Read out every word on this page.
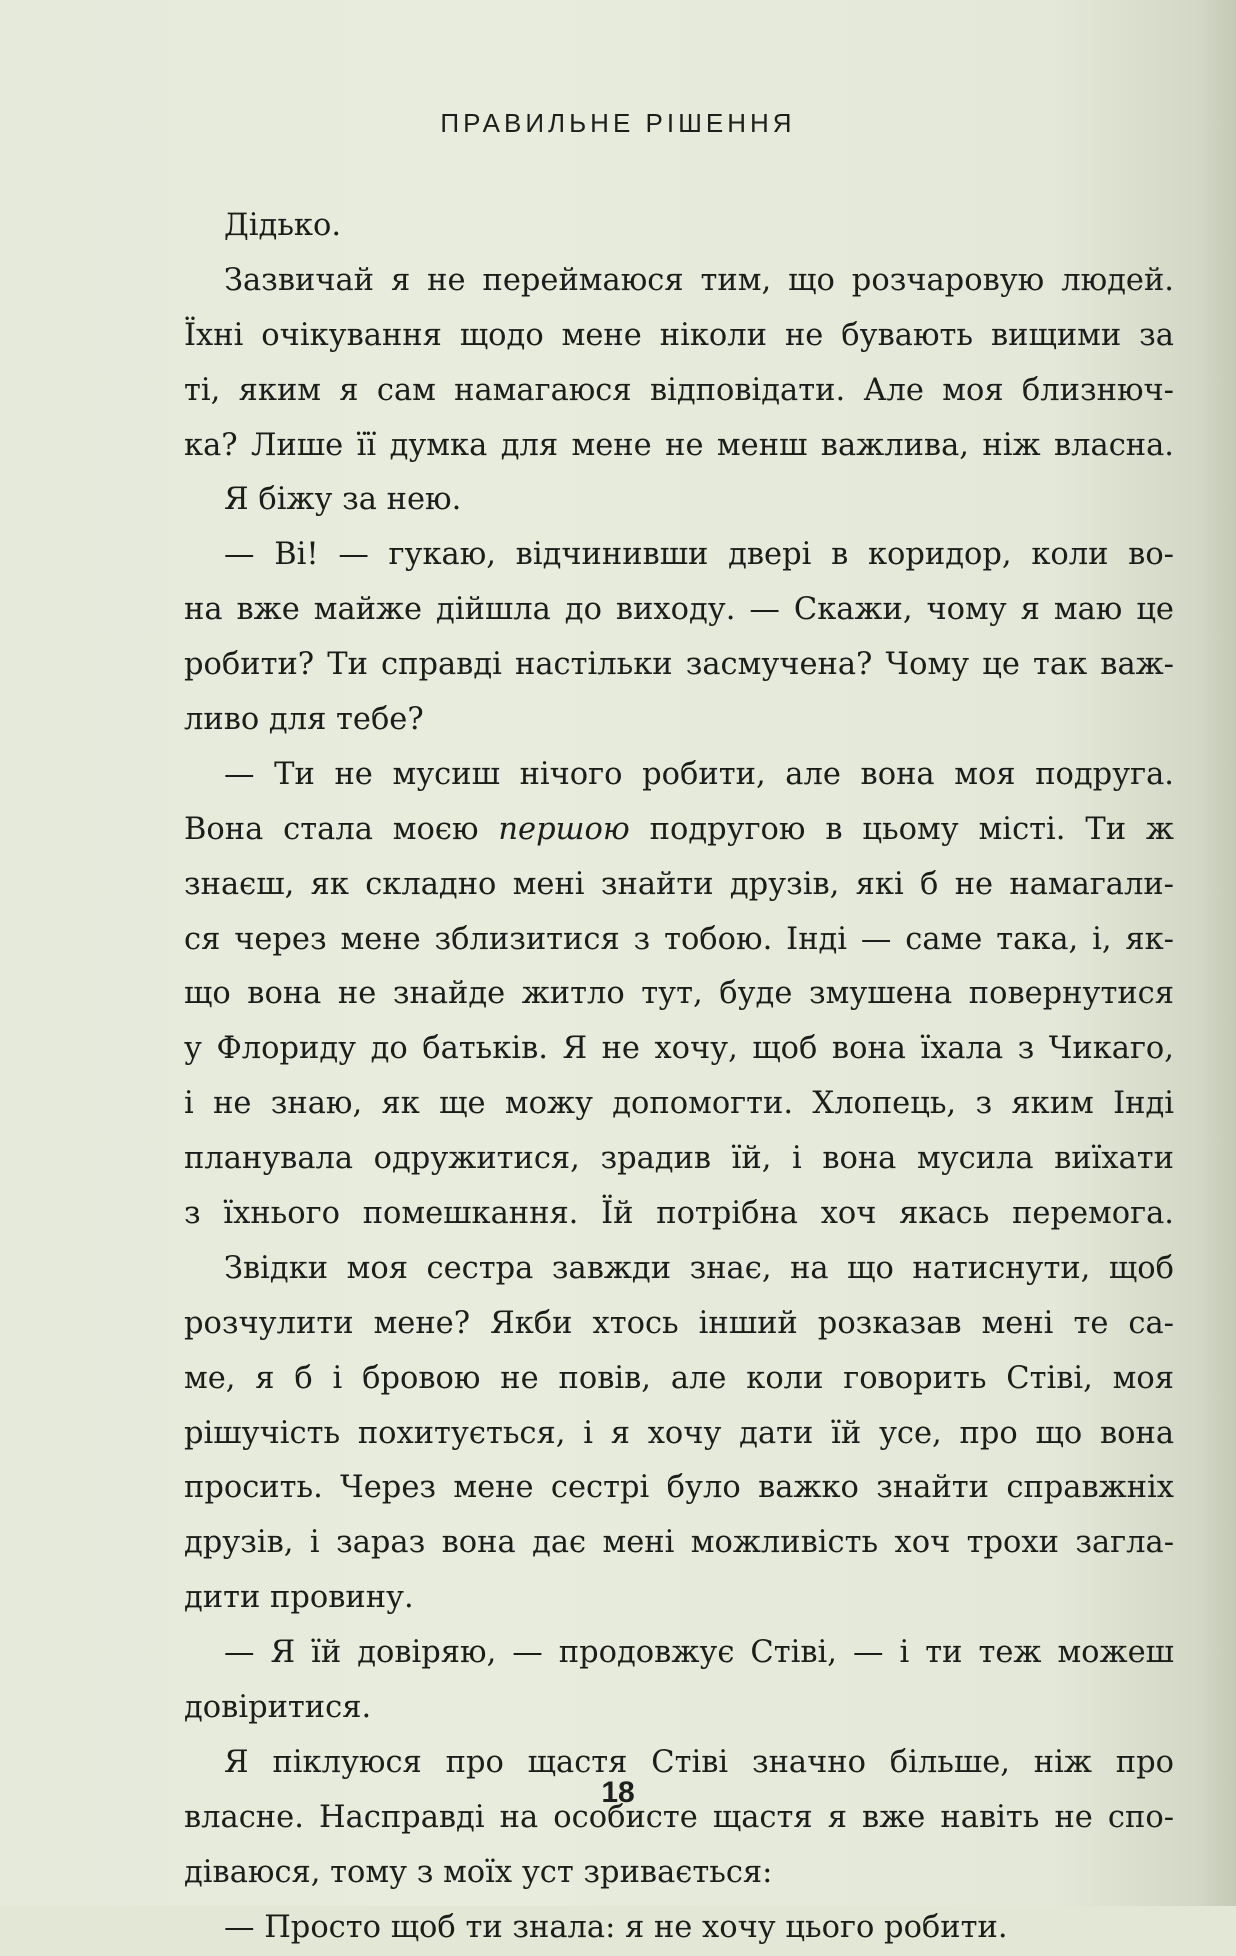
ПРАВИЛЬНЕ РІШЕННЯ
Дідько.
Зазвичай я не переймаюся тим, що розчаровую людей.
Їхні очікування щодо мене ніколи не бувають вищими за
ті, яким я сам намагаюся відповідати. Але моя близнюч-
ка? Лише її думка для мене не менш важлива, ніж власна.
Я біжу за нею.
— Ві! — гукаю, відчинивши двері в коридор, коли во-
на вже майже дійшла до виходу. — Скажи, чому я маю це
робити? Ти справді настільки засмучена? Чому це так важ-
ливо для тебе?
— Ти не мусиш нічого робити, але вона моя подруга.
Вона стала моєю першою подругою в цьому місті. Ти ж
знаєш, як складно мені знайти друзів, які б не намагали-
ся через мене зблизитися з тобою. Інді — саме така, і, як-
що вона не знайде житло тут, буде змушена повернутися
у Флориду до батьків. Я не хочу, щоб вона їхала з Чикаго,
і не знаю, як ще можу допомогти. Хлопець, з яким Інді
планувала одружитися, зрадив їй, і вона мусила виїхати
з їхнього помешкання. Їй потрібна хоч якась перемога.
Звідки моя сестра завжди знає, на що натиснути, щоб
розчулити мене? Якби хтось інший розказав мені те са-
ме, я б і бровою не повів, але коли говорить Стіві, моя
рішучість похитується, і я хочу дати їй усе, про що вона
просить. Через мене сестрі було важко знайти справжніх
друзів, і зараз вона дає мені можливість хоч трохи загла-
дити провину.
— Я їй довіряю, — продовжує Стіві, — і ти теж можеш
довіритися.
Я піклуюся про щастя Стіві значно більше, ніж про
власне. Насправді на особисте щастя я вже навіть не спо-
діваюся, тому з моїх уст зривається:
— Просто щоб ти знала: я не хочу цього робити.
18
